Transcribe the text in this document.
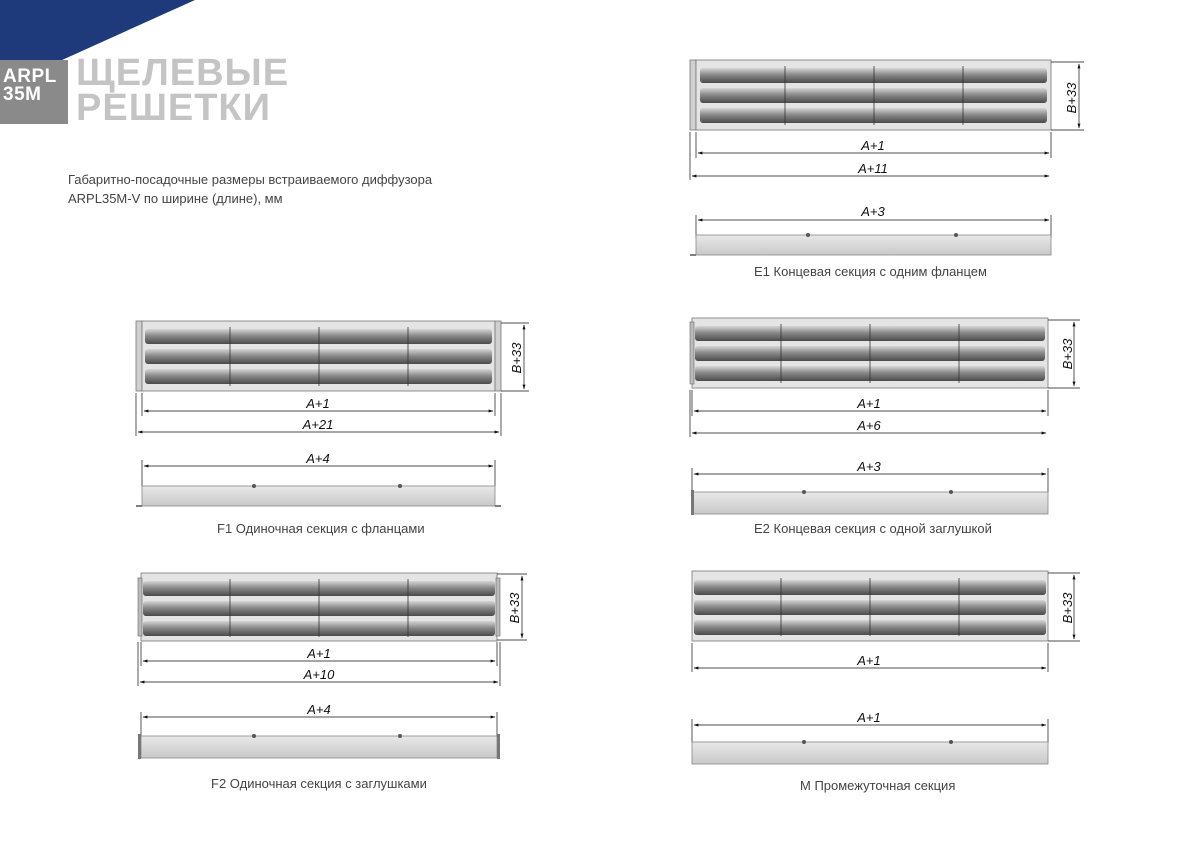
ARPL
35M
ЩЕЛЕВЫЕ
РЕШЕТКИ
Габаритно-посадочные размеры встраиваемого диффузора
ARPL35M-V по ширине (длине), мм
B+33
A+1
A+11
A+3
E1 Концевая секция с одним фланцем
B+33
A+1
A+21
A+4
F1 Одиночная секция с фланцами
B+33
A+1
A+6
A+3
E2 Концевая секция с одной заглушкой
B+33
A+1
A+10
A+4
F2 Одиночная секция с заглушками
B+33
A+1
A+1
М Промежуточная секция
